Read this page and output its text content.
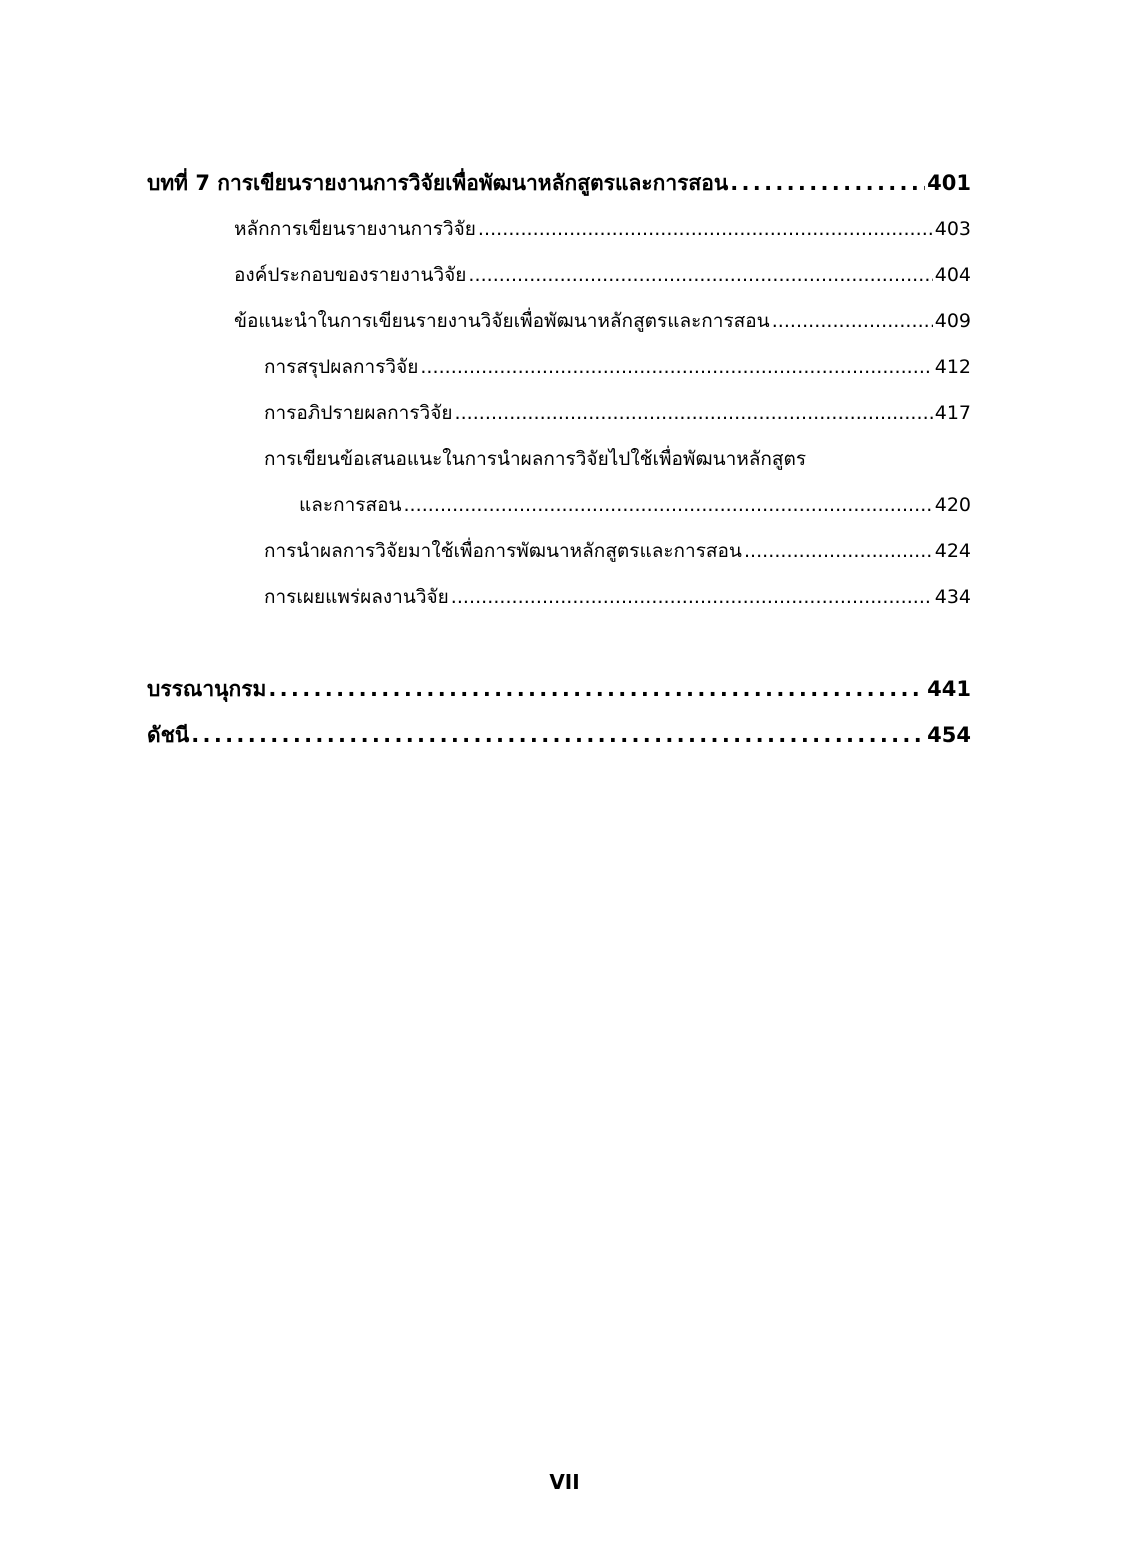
บทที่ 7 การเขียนรายงานการวิจัยเพื่อพัฒนาหลักสูตรและการสอน . . .	401
หลักการเขียนรายงานการวิจัย . . .	403
องค์ประกอบของรายงานวิจัย . . .	404
ข้อแนะนำในการเขียนรายงานวิจัยเพื่อพัฒนาหลักสูตรและการสอน . . .	409
การสรุปผลการวิจัย . . .	412
การอภิปรายผลการวิจัย . . .	417
การเขียนข้อเสนอแนะในการนำผลการวิจัยไปใช้เพื่อพัฒนาหลักสูตร
และการสอน . . .	420
การนำผลการวิจัยมาใช้เพื่อการพัฒนาหลักสูตรและการสอน . . .	424
การเผยแพร่ผลงานวิจัย . . .	434
บรรณานุกรม . . .	441
ดัชนี . . .	454
VII
